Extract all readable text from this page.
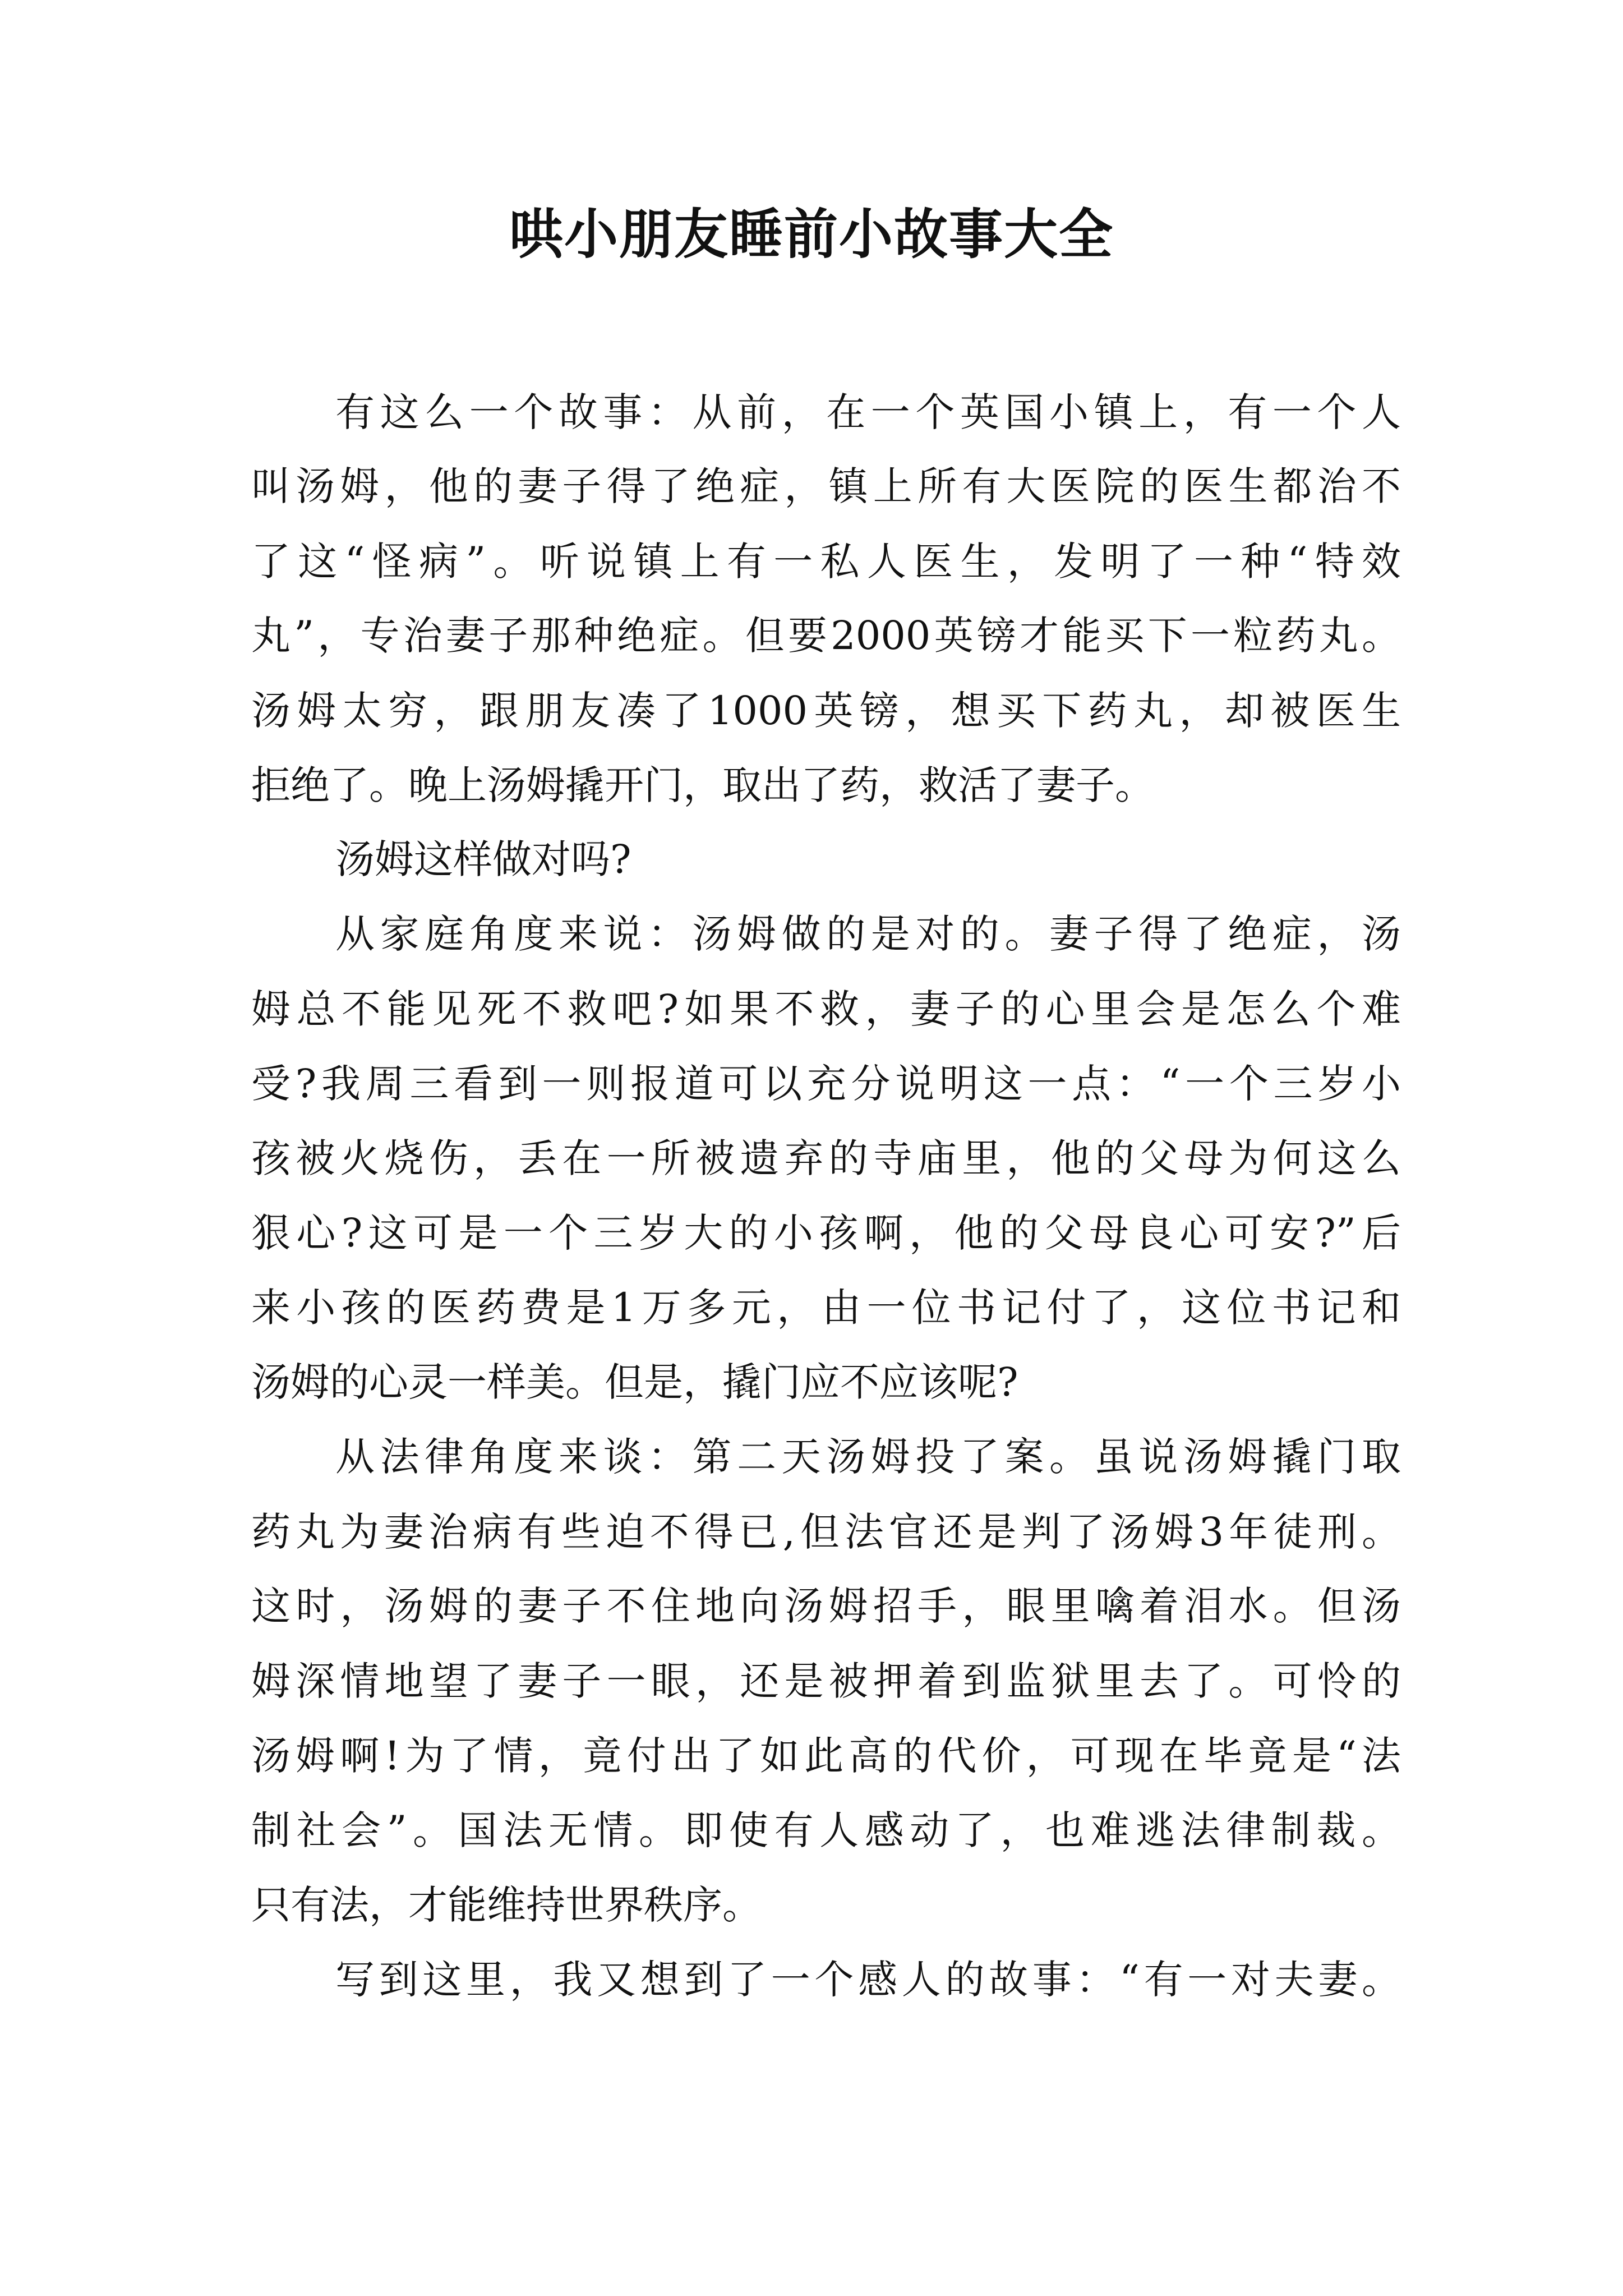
哄小朋友睡前小故事大全
有这么一个故事：从前，在一个英国小镇上，有一个人
叫汤姆，他的妻子得了绝症，镇上所有大医院的医生都治不
了这“怪病”。听说镇上有一私人医生，发明了一种“特效
丸”，专治妻子那种绝症。但要2000英镑才能买下一粒药丸。
汤姆太穷，跟朋友凑了1000英镑，想买下药丸，却被医生
拒绝了。晚上汤姆撬开门，取出了药，救活了妻子。
汤姆这样做对吗?
从家庭角度来说：汤姆做的是对的。妻子得了绝症，汤
姆总不能见死不救吧?如果不救，妻子的心里会是怎么个难
受?我周三看到一则报道可以充分说明这一点：“一个三岁小
孩被火烧伤，丢在一所被遗弃的寺庙里，他的父母为何这么
狠心?这可是一个三岁大的小孩啊，他的父母良心可安?”后
来小孩的医药费是1万多元，由一位书记付了，这位书记和
汤姆的心灵一样美。但是，撬门应不应该呢?
从法律角度来谈：第二天汤姆投了案。虽说汤姆撬门取
药丸为妻治病有些迫不得已,但法官还是判了汤姆3年徒刑。
这时，汤姆的妻子不住地向汤姆招手，眼里噙着泪水。但汤
姆深情地望了妻子一眼，还是被押着到监狱里去了。可怜的
汤姆啊!为了情，竟付出了如此高的代价，可现在毕竟是“法
制社会”。国法无情。即使有人感动了，也难逃法律制裁。
只有法，才能维持世界秩序。
写到这里，我又想到了一个感人的故事：“有一对夫妻。
